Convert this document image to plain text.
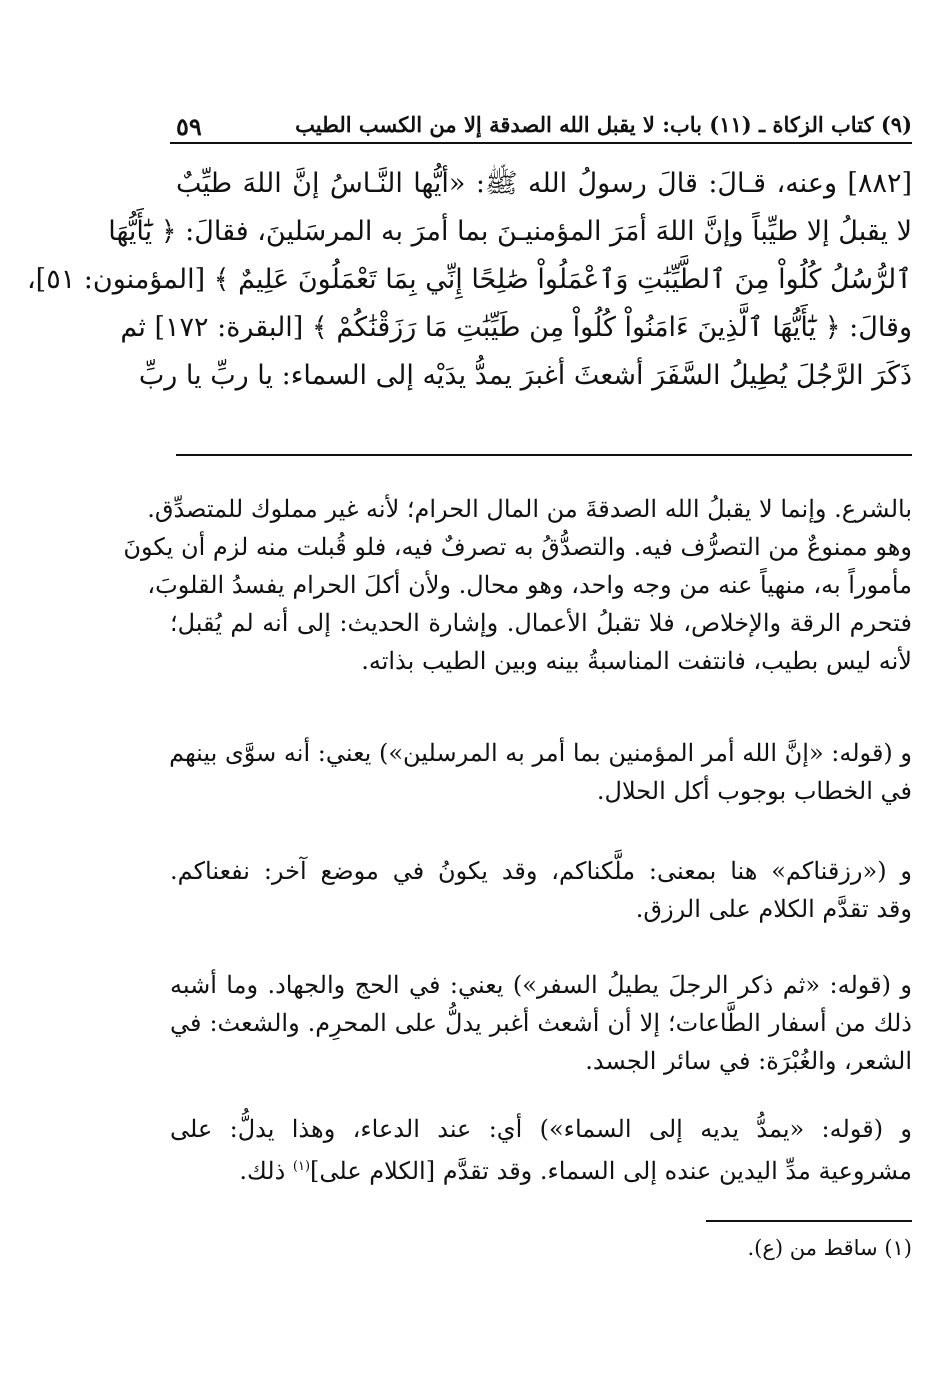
(٩) كتاب الزكاة ـ (١١) باب: لا يقبل الله الصدقة إلا من الكسب الطيب
٥٩
[٨٨٢] وعنه، قـالَ: قالَ رسولُ الله ﷺ: «أيُّها النَّـاسُ إنَّ اللهَ طيِّبٌ
لا يقبلُ إلا طيِّباً وإنَّ اللهَ أمَرَ المؤمنيـنَ بما أمرَ به المرسَلينَ، فقالَ: ﴿ يَٰٓأَيُّهَا
ٱلرُّسُلُ كُلُواْ مِنَ ٱلطَّيِّبَٰتِ وَٱعْمَلُواْ صَٰلِحًا إِنِّي بِمَا تَعْمَلُونَ عَلِيمٌ ﴾ [المؤمنون: ٥١]،
وقالَ: ﴿ يَٰٓأَيُّهَا ٱلَّذِينَ ءَامَنُواْ كُلُواْ مِن طَيِّبَٰتِ مَا رَزَقْنَٰكُمْ ﴾ [البقرة: ١٧٢] ثم
ذَكَرَ الرَّجُلَ يُطِيلُ السَّفَرَ أشعثَ أغبرَ يمدُّ يدَيْه إلى السماء: يا ربِّ يا ربِّ
بالشرع. وإنما لا يقبلُ الله الصدقةَ من المال الحرام؛ لأنه غير مملوك للمتصدِّق.
وهو ممنوعٌ من التصرُّف فيه. والتصدُّقُ به تصرفٌ فيه، فلو قُبلت منه لزم أن يكونَ
مأموراً به، منهياً عنه من وجه واحد، وهو محال. ولأن أكلَ الحرام يفسدُ القلوبَ،
فتحرم الرقة والإخلاص، فلا تقبلُ الأعمال. وإشارة الحديث: إلى أنه لم يُقبل؛
لأنه ليس بطيب، فانتفت المناسبةُ بينه وبين الطيب بذاته.
و (قوله: «إنَّ الله أمر المؤمنين بما أمر به المرسلين») يعني: أنه سوَّى بينهم
في الخطاب بوجوب أكل الحلال.
و («رزقناكم» هنا بمعنى: ملَّكناكم، وقد يكونُ في موضع آخر: نفعناكم.
وقد تقدَّم الكلام على الرزق.
و (قوله: «ثم ذكر الرجلَ يطيلُ السفر») يعني: في الحج والجهاد. وما أشبه
ذلك من أسفار الطَّاعات؛ إلا أن أشعث أغبر يدلُّ على المحرِم. والشعث: في
الشعر، والغُبْرَة: في سائر الجسد.
و (قوله: «يمدُّ يديه إلى السماء») أي: عند الدعاء، وهذا يدلُّ: على
مشروعية مدِّ اليدين عنده إلى السماء. وقد تقدَّم [الكلام على]$^{(١)}$ ذلك.
(١) ساقط من (ع).
